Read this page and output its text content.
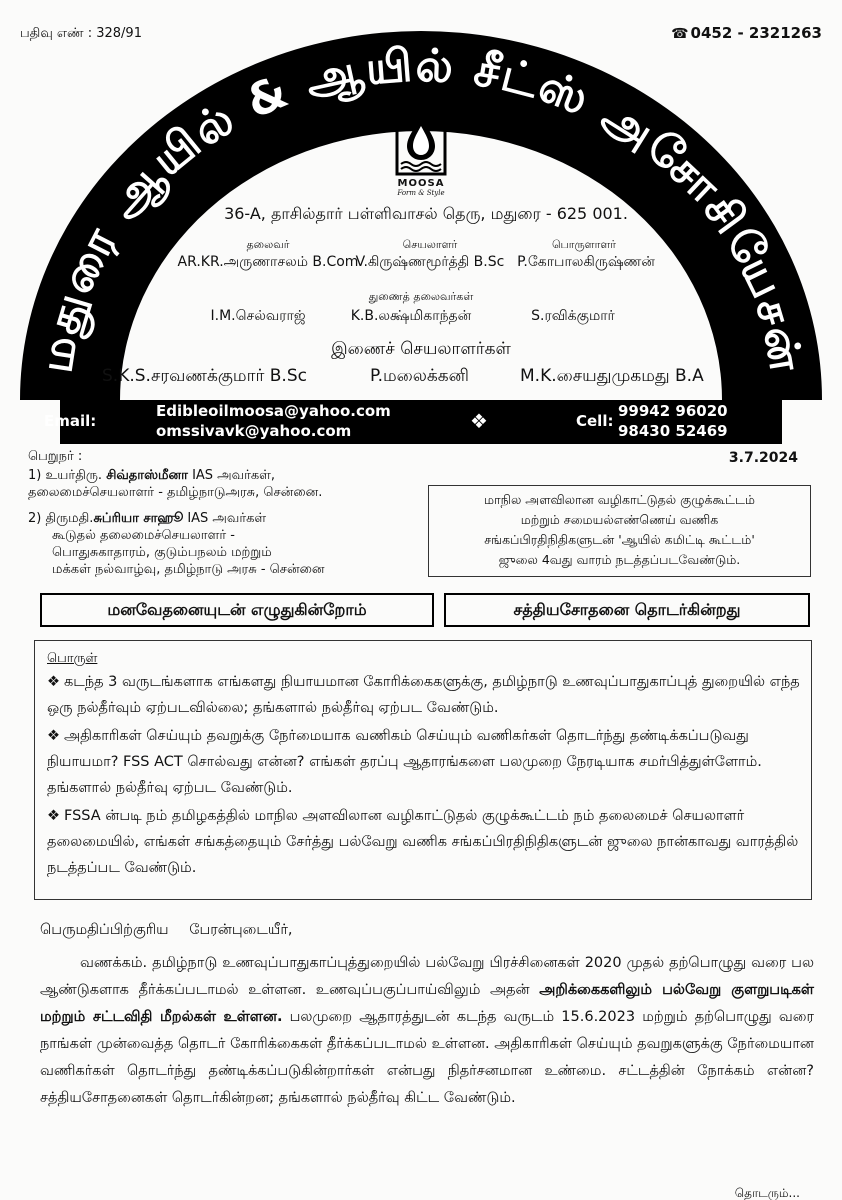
பதிவு எண் : 328/91	☎ 0452 - 2321263
மதுரை ஆயில் & ஆயில் சீட்ஸ் அசோசியேசன்
MOOSA
Form & Style
36-A, தாசில்தார் பள்ளிவாசல் தெரு, மதுரை - 625 001.
தலைவர்
AR.KR.அருணாசலம் B.Com
செயலாளர்
V.கிருஷ்ணமூர்த்தி B.Sc
பொருளாளர்
P.கோபாலகிருஷ்ணன்
துணைத் தலைவர்கள்
I.M.செல்வராஜ்	K.B.லக்ஷ்மிகாந்தன்	S.ரவிக்குமார்
இணைச் செயலாளர்கள்
S.K.S.சரவணக்குமார் B.Sc	P.மலைக்கனி	M.K.சையதுமுகமது B.A
Email:
Edibleoilmoosa@yahoo.com
omssivavk@yahoo.com	❖	Cell:
99942 96020
98430 52469
3.7.2024
பெறுநர் :
1) உயர்திரு. சிவ்தாஸ்மீனா IAS அவர்கள்,
தலைமைச்செயலாளர் - தமிழ்நாடுஅரசு, சென்னை.
2) திருமதி.சுப்ரியா சாஹூ IAS அவர்கள்
கூடுதல் தலைமைச்செயலாளர் -
பொதுசுகாதாரம், குடும்பநலம் மற்றும்
மக்கள் நல்வாழ்வு, தமிழ்நாடு அரசு - சென்னை
மாநில அளவிலான வழிகாட்டுதல் குழுக்கூட்டம்
மற்றும் சமையல்எண்ணெய் வணிக
சங்கப்பிரதிநிதிகளுடன் 'ஆயில் கமிட்டி கூட்டம்'
ஜுலை 4வது வாரம் நடத்தப்படவேண்டும்.
மனவேதனையுடன் எழுதுகின்றோம்	சத்தியசோதனை தொடர்கின்றது
பொருள்
❖ கடந்த 3 வருடங்களாக எங்களது நியாயமான கோரிக்கைகளுக்கு, தமிழ்நாடு உணவுப்பாதுகாப்புத் துறையில் எந்த ஒரு நல்தீர்வும் ஏற்படவில்லை; தங்களால் நல்தீர்வு ஏற்பட வேண்டும்.
❖ அதிகாரிகள் செய்யும் தவறுக்கு நேர்மையாக வணிகம் செய்யும் வணிகர்கள் தொடர்ந்து தண்டிக்கப்படுவது நியாயமா? FSS ACT சொல்வது என்ன? எங்கள் தரப்பு ஆதாரங்களை பலமுறை நேரடியாக சமர்பித்துள்ளோம். தங்களால் நல்தீர்வு ஏற்பட வேண்டும்.
❖ FSSA ன்படி நம் தமிழகத்தில் மாநில அளவிலான வழிகாட்டுதல் குழுக்கூட்டம் நம் தலைமைச் செயலாளர் தலைமையில், எங்கள் சங்கத்தையும் சேர்த்து பல்வேறு வணிக சங்கப்பிரதிநிதிகளுடன் ஜுலை நான்காவது வாரத்தில் நடத்தப்பட வேண்டும்.
பெருமதிப்பிற்குரிய பேரன்புடையீர்,

வணக்கம். தமிழ்நாடு உணவுப்பாதுகாப்புத்துறையில் பல்வேறு பிரச்சினைகள் 2020 முதல் தற்பொழுது வரை பல ஆண்டுகளாக தீர்க்கப்படாமல் உள்ளன. உணவுப்பகுப்பாய்விலும் அதன் அறிக்கைகளிலும் பல்வேறு குளறுபடிகள் மற்றும் சட்டவிதி மீறல்கள் உள்ளன. பலமுறை ஆதாரத்துடன் கடந்த வருடம் 15.6.2023 மற்றும் தற்பொழுது வரை நாங்கள் முன்வைத்த தொடர் கோரிக்கைகள் தீர்க்கப்படாமல் உள்ளன. அதிகாரிகள் செய்யும் தவறுகளுக்கு நேர்மையான வணிகர்கள் தொடர்ந்து தண்டிக்கப்படுகின்றார்கள் என்பது நிதர்சனமான உண்மை. சட்டத்தின் நோக்கம் என்ன? சத்தியசோதனைகள் தொடர்கின்றன; தங்களால் நல்தீர்வு கிட்ட வேண்டும்.

தொடரும்...
